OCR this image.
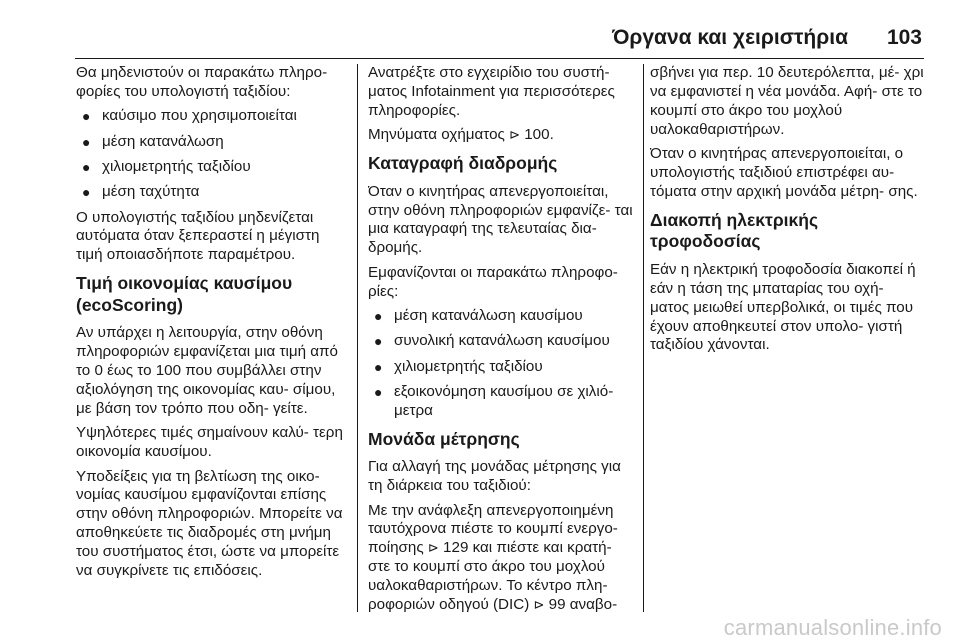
Όργανα και χειριστήρια 103

Θα μηδενιστούν οι παρακάτω πληρο- φορίες του υπολογιστή ταξιδίου:

● καύσιμο που χρησιμοποιείται
● μέση κατανάλωση
● χιλιομετρητής ταξιδίου
● μέση ταχύτητα

Ο υπολογιστής ταξιδίου μηδενίζεται αυτόματα όταν ξεπεραστεί η μέγιστη τιμή οποιασδήποτε παραμέτρου.

Τιμή οικονομίας καυσίμου (ecoScoring)

Αν υπάρχει η λειτουργία, στην οθόνη πληροφοριών εμφανίζεται μια τιμή από το 0 έως το 100 που συμβάλλει στην αξιολόγηση της οικονομίας καυ- σίμου, με βάση τον τρόπο που οδη- γείτε.

Υψηλότερες τιμές σημαίνουν καλύ- τερη οικονομία καυσίμου.

Υποδείξεις για τη βελτίωση της οικο- νομίας καυσίμου εμφανίζονται επίσης στην οθόνη πληροφοριών. Μπορείτε να αποθηκεύετε τις διαδρομές στη μνήμη του συστήματος έτσι, ώστε να μπορείτε να συγκρίνετε τις επιδόσεις.

Ανατρέξτε στο εγχειρίδιο του συστή- ματος Infotainment για περισσότερες πληροφορίες.

Μηνύματα οχήματος ⊳ 100.

Καταγραφή διαδρομής

Όταν ο κινητήρας απενεργοποιείται, στην οθόνη πληροφοριών εμφανίζε- ται μια καταγραφή της τελευταίας δια- δρομής.

Εμφανίζονται οι παρακάτω πληροφο- ρίες:

● μέση κατανάλωση καυσίμου
● συνολική κατανάλωση καυσίμου
● χιλιομετρητής ταξιδίου
● εξοικονόμηση καυσίμου σε χιλιό- μετρα
Μονάδα μέτρησης

Για αλλαγή της μονάδας μέτρησης για τη διάρκεια του ταξιδιού:

Με την ανάφλεξη απενεργοποιημένη ταυτόχρονα πιέστε το κουμπί ενεργο- ποίησης ⊳ 129 και πιέστε και κρατή- στε το κουμπί στο άκρο του μοχλού υαλοκαθαριστήρων. Το κέντρο πλη- ροφοριών οδηγού (DIC) ⊳ 99 αναβο-

σβήνει για περ. 10 δευτερόλεπτα, μέ- χρι να εμφανιστεί η νέα μονάδα. Αφή- στε το κουμπί στο άκρο του μοχλού υαλοκαθαριστήρων.

Όταν ο κινητήρας απενεργοποιείται, ο υπολογιστής ταξιδιού επιστρέφει αυ- τόματα στην αρχική μονάδα μέτρη- σης.

Διακοπή ηλεκτρικής τροφοδοσίας

Εάν η ηλεκτρική τροφοδοσία διακοπεί ή εάν η τάση της μπαταρίας του οχή- ματος μειωθεί υπερβολικά, οι τιμές που έχουν αποθηκευτεί στον υπολο- γιστή ταξιδίου χάνονται.

carmanualsonline.info
